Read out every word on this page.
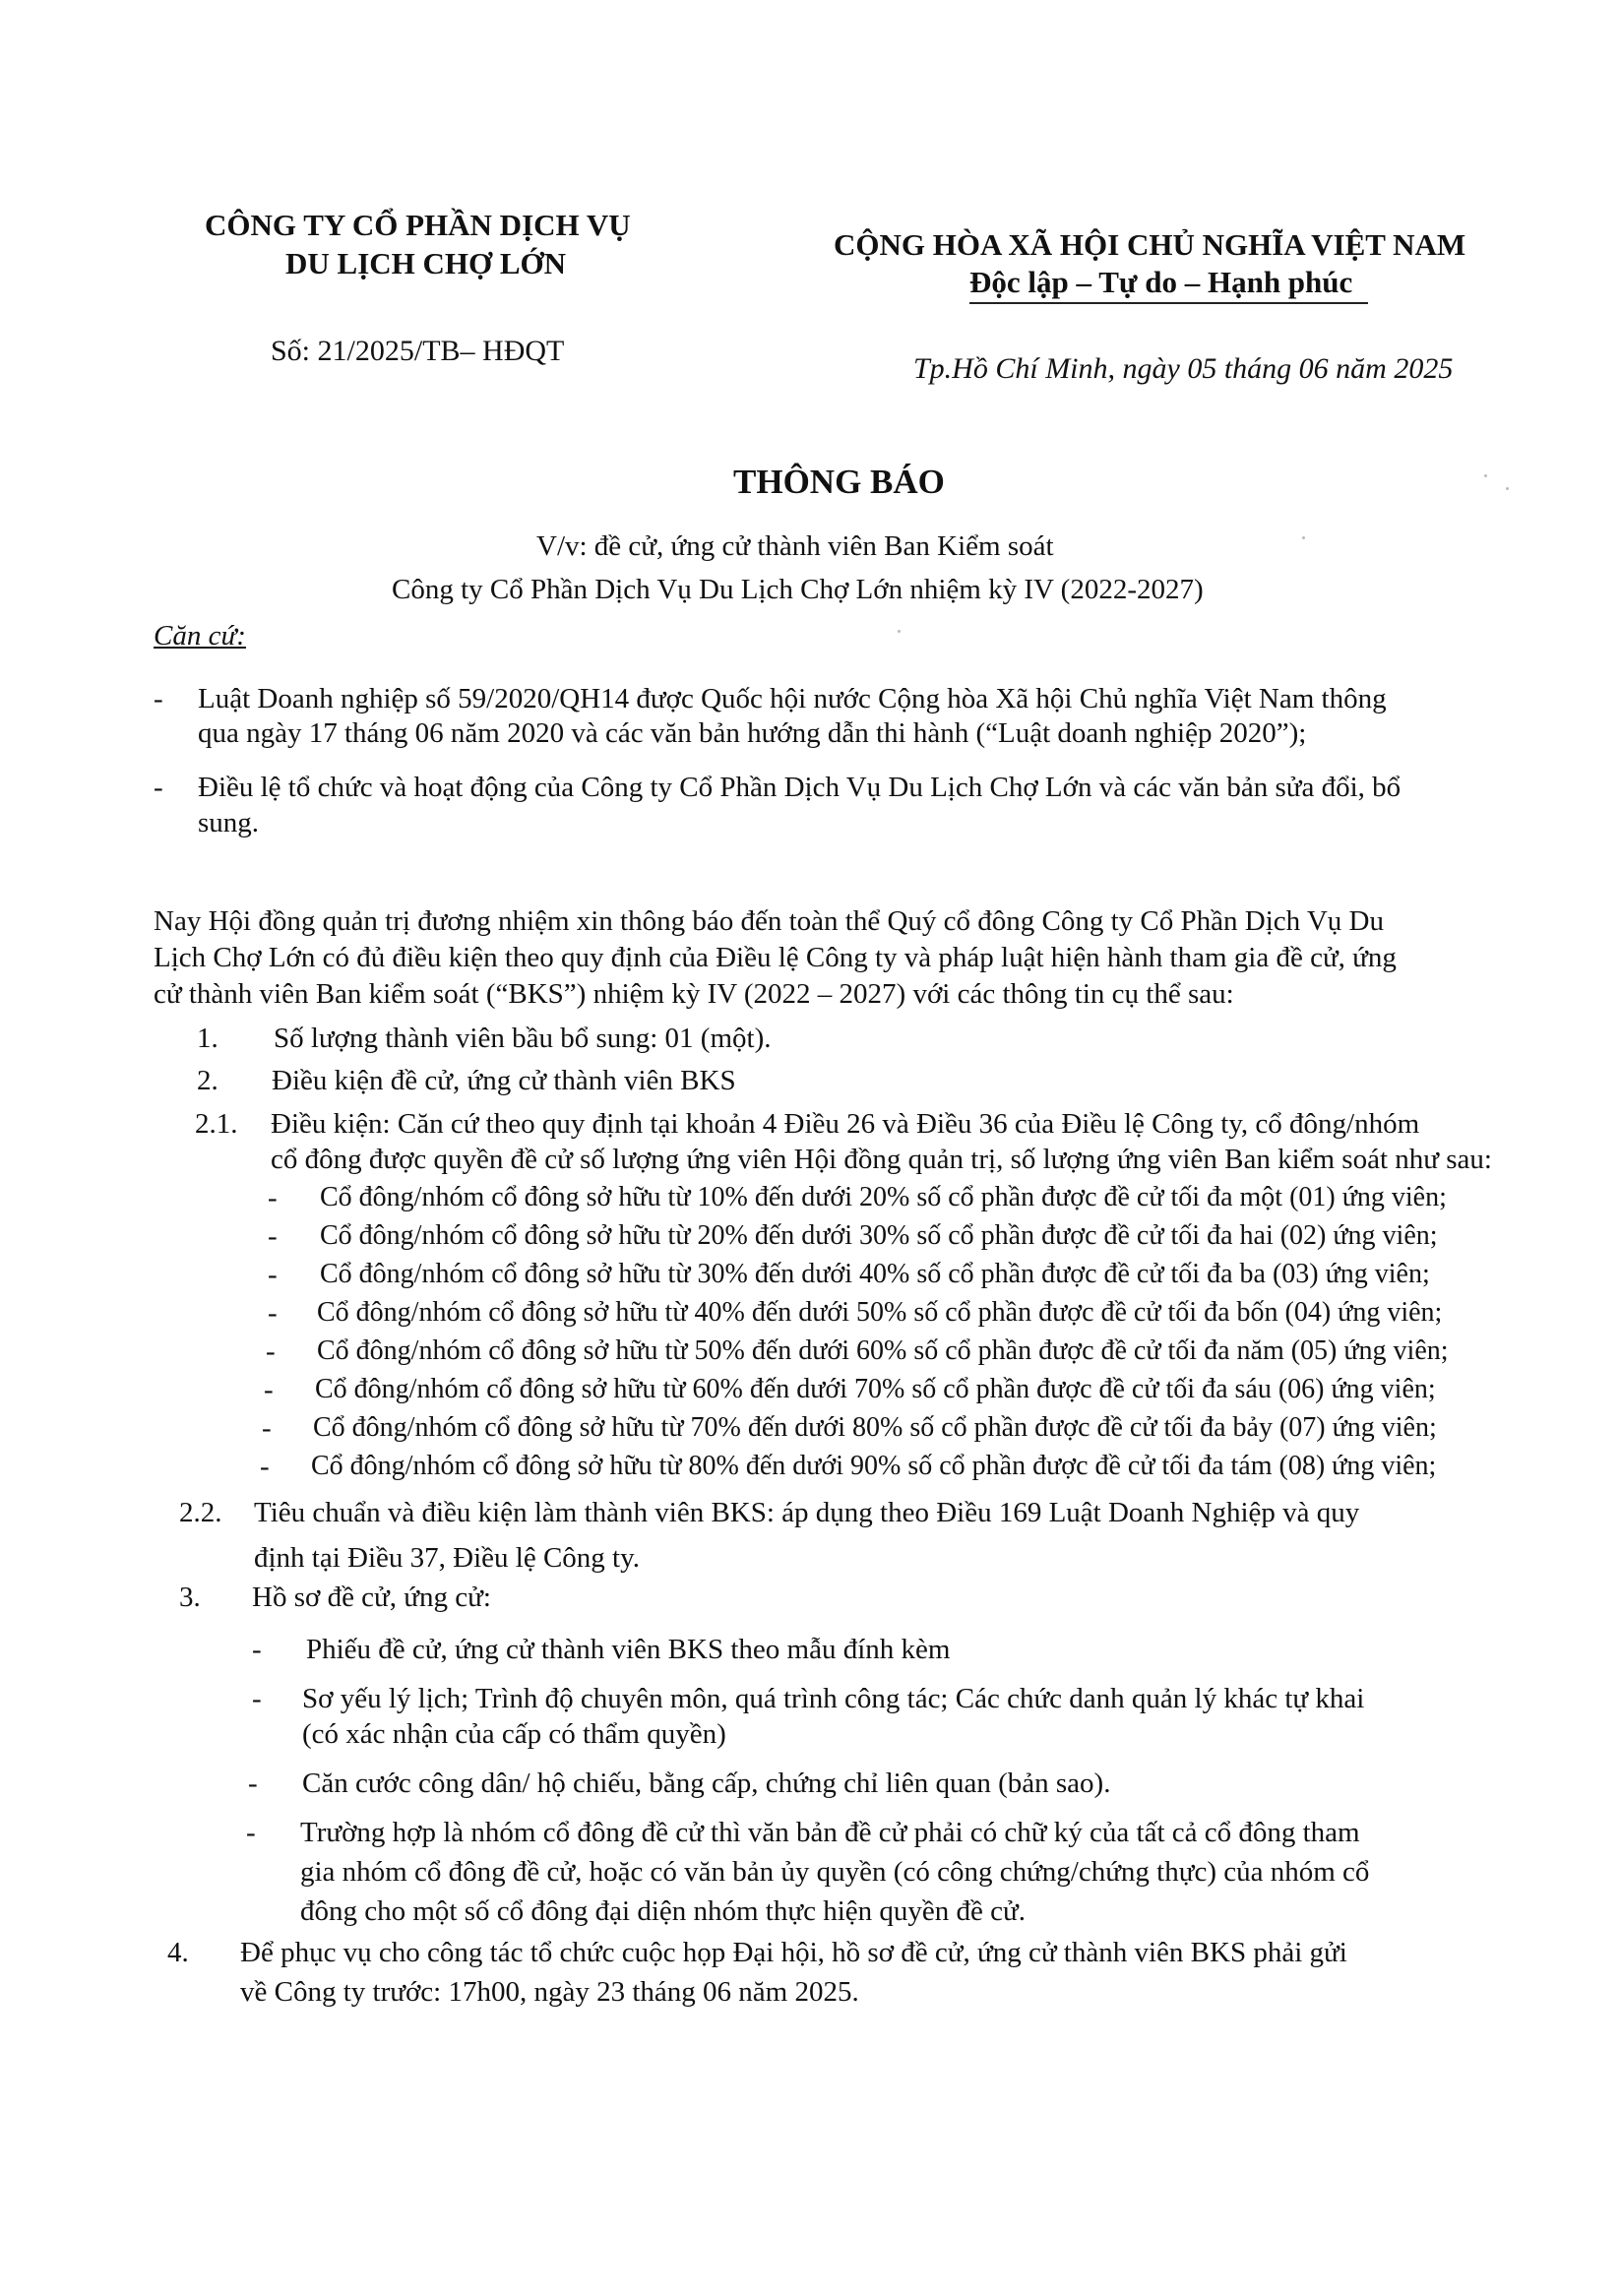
CÔNG TY CỔ PHẦN DỊCH VỤ
DU LỊCH CHỢ LỚN
Số: 21/2025/TB– HĐQT
CỘNG HÒA XÃ HỘI CHỦ NGHĨA VIỆT NAM
Độc lập – Tự do – Hạnh phúc
Tp.Hồ Chí Minh, ngày 05 tháng 06 năm 2025
THÔNG BÁO
V/v: đề cử, ứng cử thành viên Ban Kiểm soát
Công ty Cổ Phần Dịch Vụ Du Lịch Chợ Lớn nhiệm kỳ IV (2022-2027)
Căn cứ:
- Luật Doanh nghiệp số 59/2020/QH14 được Quốc hội nước Cộng hòa Xã hội Chủ nghĩa Việt Nam thông
qua ngày 17 tháng 06 năm 2020 và các văn bản hướng dẫn thi hành (“Luật doanh nghiệp 2020”);
- Điều lệ tổ chức và hoạt động của Công ty Cổ Phần Dịch Vụ Du Lịch Chợ Lớn và các văn bản sửa đổi, bổ
sung.
Nay Hội đồng quản trị đương nhiệm xin thông báo đến toàn thể Quý cổ đông Công ty Cổ Phần Dịch Vụ Du
Lịch Chợ Lớn có đủ điều kiện theo quy định của Điều lệ Công ty và pháp luật hiện hành tham gia đề cử, ứng
cử thành viên Ban kiểm soát (“BKS”) nhiệm kỳ IV (2022 – 2027) với các thông tin cụ thể sau:
1. Số lượng thành viên bầu bổ sung: 01 (một).
2. Điều kiện đề cử, ứng cử thành viên BKS
2.1. Điều kiện: Căn cứ theo quy định tại khoản 4 Điều 26 và Điều 36 của Điều lệ Công ty, cổ đông/nhóm
cổ đông được quyền đề cử số lượng ứng viên Hội đồng quản trị, số lượng ứng viên Ban kiểm soát như sau:
- Cổ đông/nhóm cổ đông sở hữu từ 10% đến dưới 20% số cổ phần được đề cử tối đa một (01) ứng viên;
- Cổ đông/nhóm cổ đông sở hữu từ 20% đến dưới 30% số cổ phần được đề cử tối đa hai (02) ứng viên;
- Cổ đông/nhóm cổ đông sở hữu từ 30% đến dưới 40% số cổ phần được đề cử tối đa ba (03) ứng viên;
- Cổ đông/nhóm cổ đông sở hữu từ 40% đến dưới 50% số cổ phần được đề cử tối đa bốn (04) ứng viên;
- Cổ đông/nhóm cổ đông sở hữu từ 50% đến dưới 60% số cổ phần được đề cử tối đa năm (05) ứng viên;
- Cổ đông/nhóm cổ đông sở hữu từ 60% đến dưới 70% số cổ phần được đề cử tối đa sáu (06) ứng viên;
- Cổ đông/nhóm cổ đông sở hữu từ 70% đến dưới 80% số cổ phần được đề cử tối đa bảy (07) ứng viên;
- Cổ đông/nhóm cổ đông sở hữu từ 80% đến dưới 90% số cổ phần được đề cử tối đa tám (08) ứng viên;
2.2. Tiêu chuẩn và điều kiện làm thành viên BKS: áp dụng theo Điều 169 Luật Doanh Nghiệp và quy
định tại Điều 37, Điều lệ Công ty.
3. Hồ sơ đề cử, ứng cử:
- Phiếu đề cử, ứng cử thành viên BKS theo mẫu đính kèm
- Sơ yếu lý lịch; Trình độ chuyên môn, quá trình công tác; Các chức danh quản lý khác tự khai
(có xác nhận của cấp có thẩm quyền)
- Căn cước công dân/ hộ chiếu, bằng cấp, chứng chỉ liên quan (bản sao).
- Trường hợp là nhóm cổ đông đề cử thì văn bản đề cử phải có chữ ký của tất cả cổ đông tham
gia nhóm cổ đông đề cử, hoặc có văn bản ủy quyền (có công chứng/chứng thực) của nhóm cổ
đông cho một số cổ đông đại diện nhóm thực hiện quyền đề cử.
4. Để phục vụ cho công tác tổ chức cuộc họp Đại hội, hồ sơ đề cử, ứng cử thành viên BKS phải gửi
về Công ty trước: 17h00, ngày 23 tháng 06 năm 2025.
